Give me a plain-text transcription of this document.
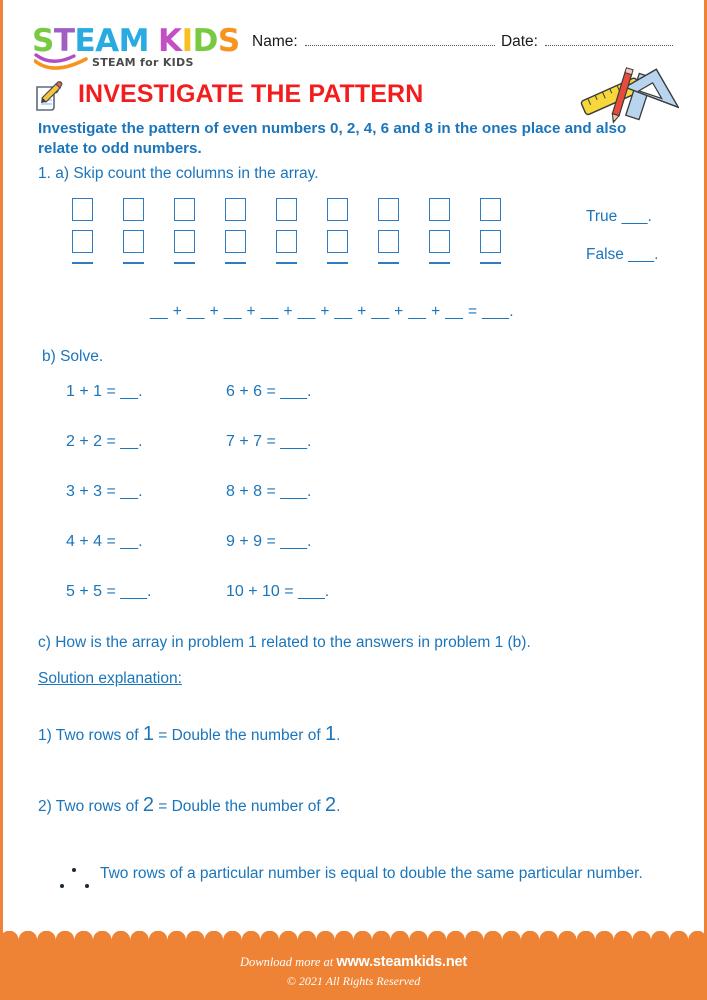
STEAM KIDS
STEAM for KIDS
Name:	Date:
INVESTIGATE THE PATTERN
Investigate the pattern of even numbers 0, 2, 4, 6 and 8 in the ones place and also relate to odd numbers.
1. a) Skip count the columns in the array.
True ___.
False ___.
__ + __ + __ + __ + __ + __ + __ + __ + __ = ___.
b) Solve.
1 + 1 = __.	6 + 6 = ___.
2 + 2 = __.	7 + 7 = ___.
3 + 3 = __.	8 + 8 = ___.
4 + 4 = __.	9 + 9 = ___.
5 + 5 = ___.	10 + 10 = ___.
c) How is the array in problem 1 related to the answers in problem 1 (b).
Solution explanation:
1) Two rows of 1 = Double the number of 1.
2) Two rows of 2 = Double the number of 2.
Two rows of a particular number is equal to double the same particular number.
Download more at www.steamkids.net
© 2021 All Rights Reserved
